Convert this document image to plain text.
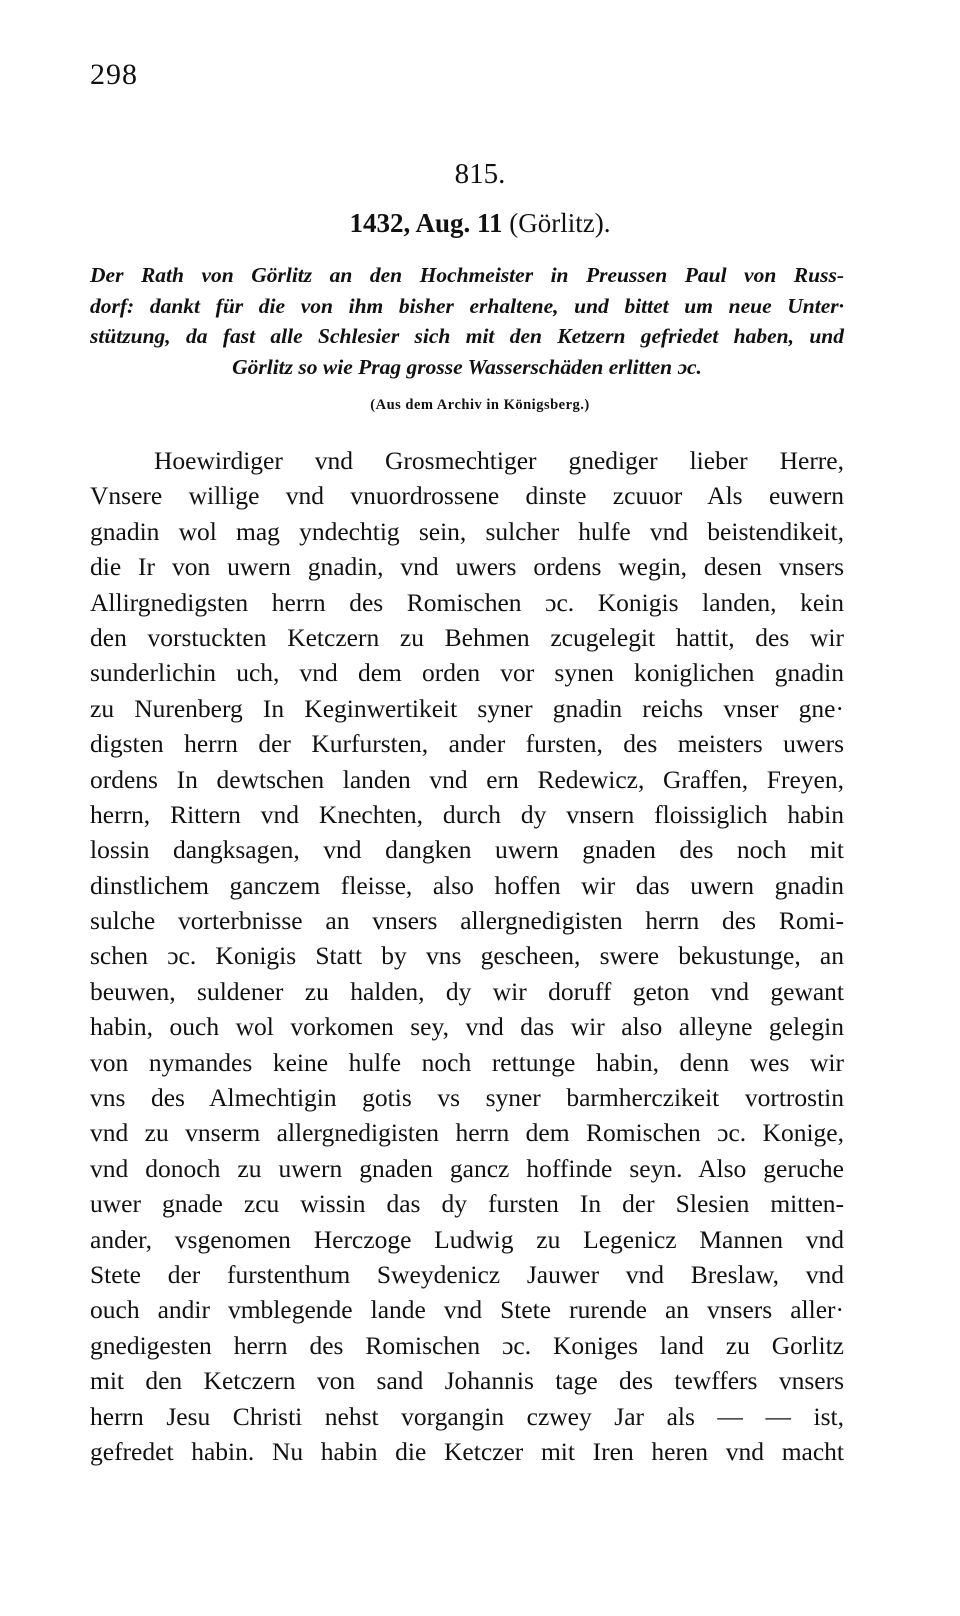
298
815.
1432, Aug. 11 (Görlitz).
Der Rath von Görlitz an den Hochmeister in Preussen Paul von Russ-
dorf: dankt für die von ihm bisher erhaltene, und bittet um neue Unter·
stützung, da fast alle Schlesier sich mit den Ketzern gefriedet haben, und
Görlitz so wie Prag grosse Wasserschäden erlitten ɔc.
(Aus dem Archiv in Königsberg.)
Hoewirdiger vnd Grosmechtiger gnediger lieber Herre,
Vnsere willige vnd vnuordrossene dinste zcuuor Als euwern
gnadin wol mag yndechtig sein, sulcher hulfe vnd beistendikeit,
die Ir von uwern gnadin, vnd uwers ordens wegin, desen vnsers
Allirgnedigsten herrn des Romischen ɔc. Konigis landen, kein
den vorstuckten Ketczern zu Behmen zcugelegit hattit, des wir
sunderlichin uch, vnd dem orden vor synen koniglichen gnadin
zu Nurenberg In Keginwertikeit syner gnadin reichs vnser gne·
digsten herrn der Kurfursten, ander fursten, des meisters uwers
ordens In dewtschen landen vnd ern Redewicz, Graffen, Freyen,
herrn, Rittern vnd Knechten, durch dy vnsern floissiglich habin
lossin dangksagen, vnd dangken uwern gnaden des noch mit
dinstlichem ganczem fleisse, also hoffen wir das uwern gnadin
sulche vorterbnisse an vnsers allergnedigisten herrn des Romi-
schen ɔc. Konigis Statt by vns gescheen, swere bekustunge, an
beuwen, suldener zu halden, dy wir doruff geton vnd gewant
habin, ouch wol vorkomen sey, vnd das wir also alleyne gelegin
von nymandes keine hulfe noch rettunge habin, denn wes wir
vns des Almechtigin gotis vs syner barmherczikeit vortrostin
vnd zu vnserm allergnedigisten herrn dem Romischen ɔc. Konige,
vnd donoch zu uwern gnaden gancz hoffinde seyn. Also geruche
uwer gnade zcu wissin das dy fursten In der Slesien mitten-
ander, vsgenomen Herczoge Ludwig zu Legenicz Mannen vnd
Stete der furstenthum Sweydenicz Jauwer vnd Breslaw, vnd
ouch andir vmblegende lande vnd Stete rurende an vnsers aller·
gnedigesten herrn des Romischen ɔc. Koniges land zu Gorlitz
mit den Ketczern von sand Johannis tage des tewffers vnsers
herrn Jesu Christi nehst vorgangin czwey Jar als — — ist,
gefredet habin. Nu habin die Ketczer mit Iren heren vnd macht
